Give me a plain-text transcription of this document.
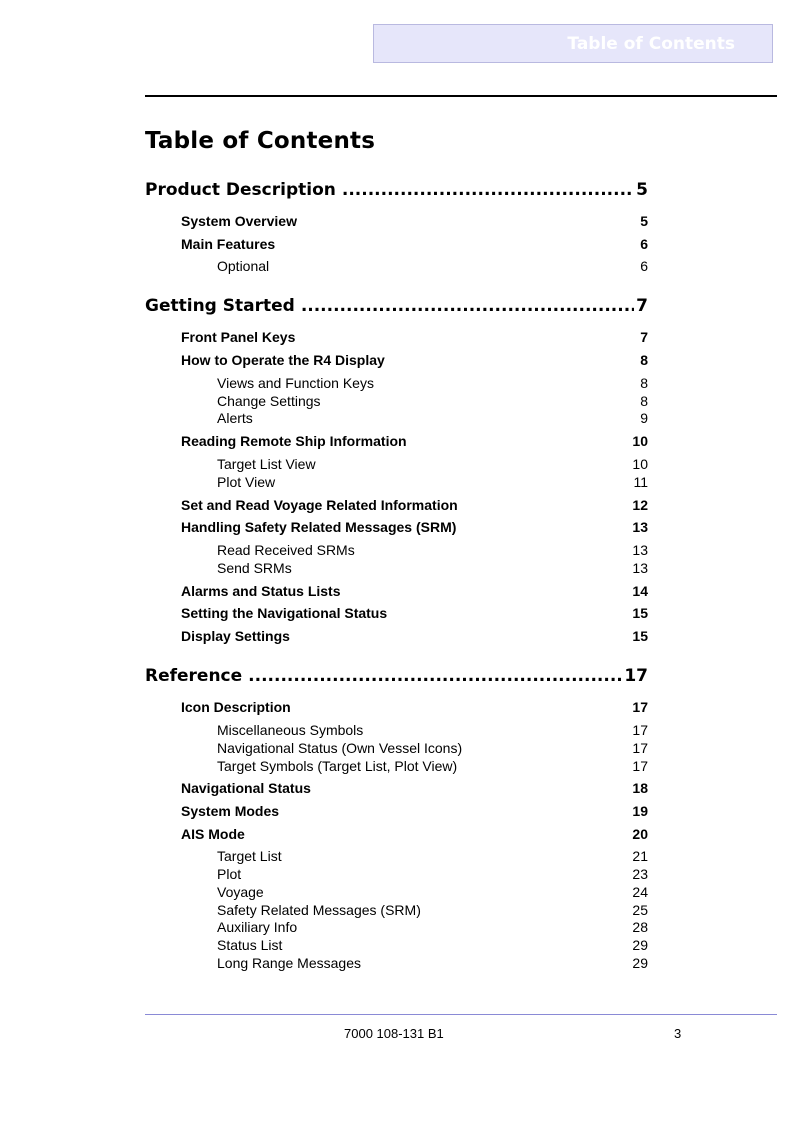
Table of Contents
Table of Contents
Product Description .....	5
System Overview	5
Main Features	6
Optional	6
Getting Started .....	7
Front Panel Keys	7
How to Operate the R4 Display	8
Views and Function Keys	8
Change Settings	8
Alerts	9
Reading Remote Ship Information	10
Target List View	10
Plot View	11
Set and Read Voyage Related Information	12
Handling Safety Related Messages (SRM)	13
Read Received SRMs	13
Send SRMs	13
Alarms and Status Lists	14
Setting the Navigational Status	15
Display Settings	15
Reference .....	17
Icon Description	17
Miscellaneous Symbols	17
Navigational Status (Own Vessel Icons)	17
Target Symbols (Target List, Plot View)	17
Navigational Status	18
System Modes	19
AIS Mode	20
Target List	21
Plot	23
Voyage	24
Safety Related Messages (SRM)	25
Auxiliary Info	28
Status List	29
Long Range Messages	29
7000 108-131 B1	3
